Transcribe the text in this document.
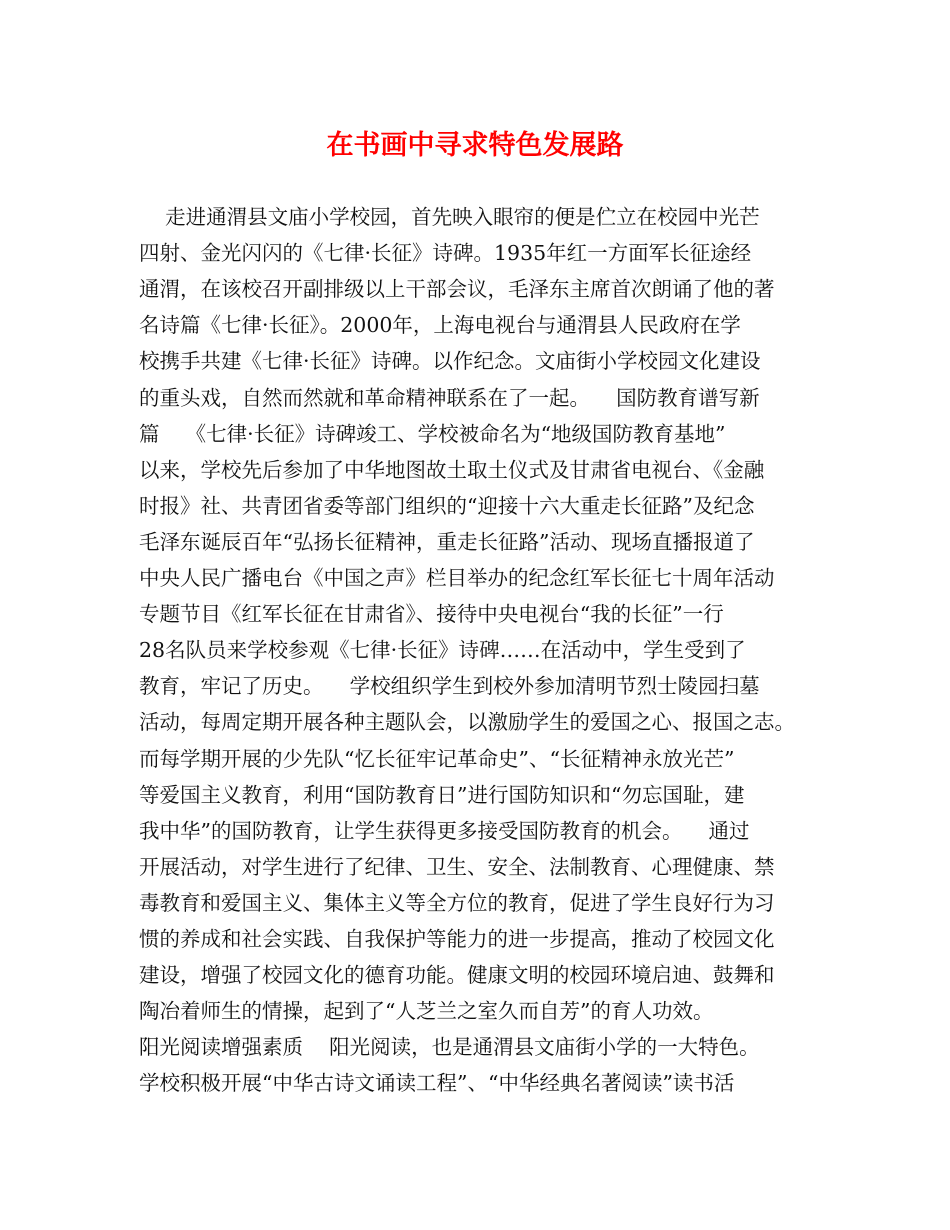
在书画中寻求特色发展路

走进通渭县文庙小学校园，首先映入眼帘的便是伫立在校园中光芒

四射、金光闪闪的《七律·长征》诗碑。1935年红一方面军长征途经

通渭，在该校召开副排级以上干部会议，毛泽东主席首次朗诵了他的著

名诗篇《七律·长征》。2000年，上海电视台与通渭县人民政府在学

校携手共建《七律·长征》诗碑。以作纪念。文庙街小学校园文化建设

的重头戏，自然而然就和革命精神联系在了一起。    国防教育谱写新

篇    《七律·长征》诗碑竣工、学校被命名为“地级国防教育基地”

以来，学校先后参加了中华地图故土取土仪式及甘肃省电视台、《金融

时报》社、共青团省委等部门组织的“迎接十六大重走长征路”及纪念

毛泽东诞辰百年“弘扬长征精神，重走长征路”活动、现场直播报道了

中央人民广播电台《中国之声》栏目举办的纪念红军长征七十周年活动

专题节目《红军长征在甘肃省》、接待中央电视台“我的长征”一行

28名队员来学校参观《七律·长征》诗碑……在活动中，学生受到了

教育，牢记了历史。    学校组织学生到校外参加清明节烈士陵园扫墓

活动，每周定期开展各种主题队会，以激励学生的爱国之心、报国之志。

而每学期开展的少先队“忆长征牢记革命史”、“长征精神永放光芒”

等爱国主义教育，利用“国防教育日”进行国防知识和“勿忘国耻，建

我中华”的国防教育，让学生获得更多接受国防教育的机会。    通过

开展活动，对学生进行了纪律、卫生、安全、法制教育、心理健康、禁

毒教育和爱国主义、集体主义等全方位的教育，促进了学生良好行为习

惯的养成和社会实践、自我保护等能力的进一步提高，推动了校园文化

建设，增强了校园文化的德育功能。健康文明的校园环境启迪、鼓舞和

陶冶着师生的情操，起到了“人芝兰之室久而自芳”的育人功效。

阳光阅读增强素质    阳光阅读，也是通渭县文庙街小学的一大特色。

学校积极开展“中华古诗文诵读工程”、“中华经典名著阅读”读书活
